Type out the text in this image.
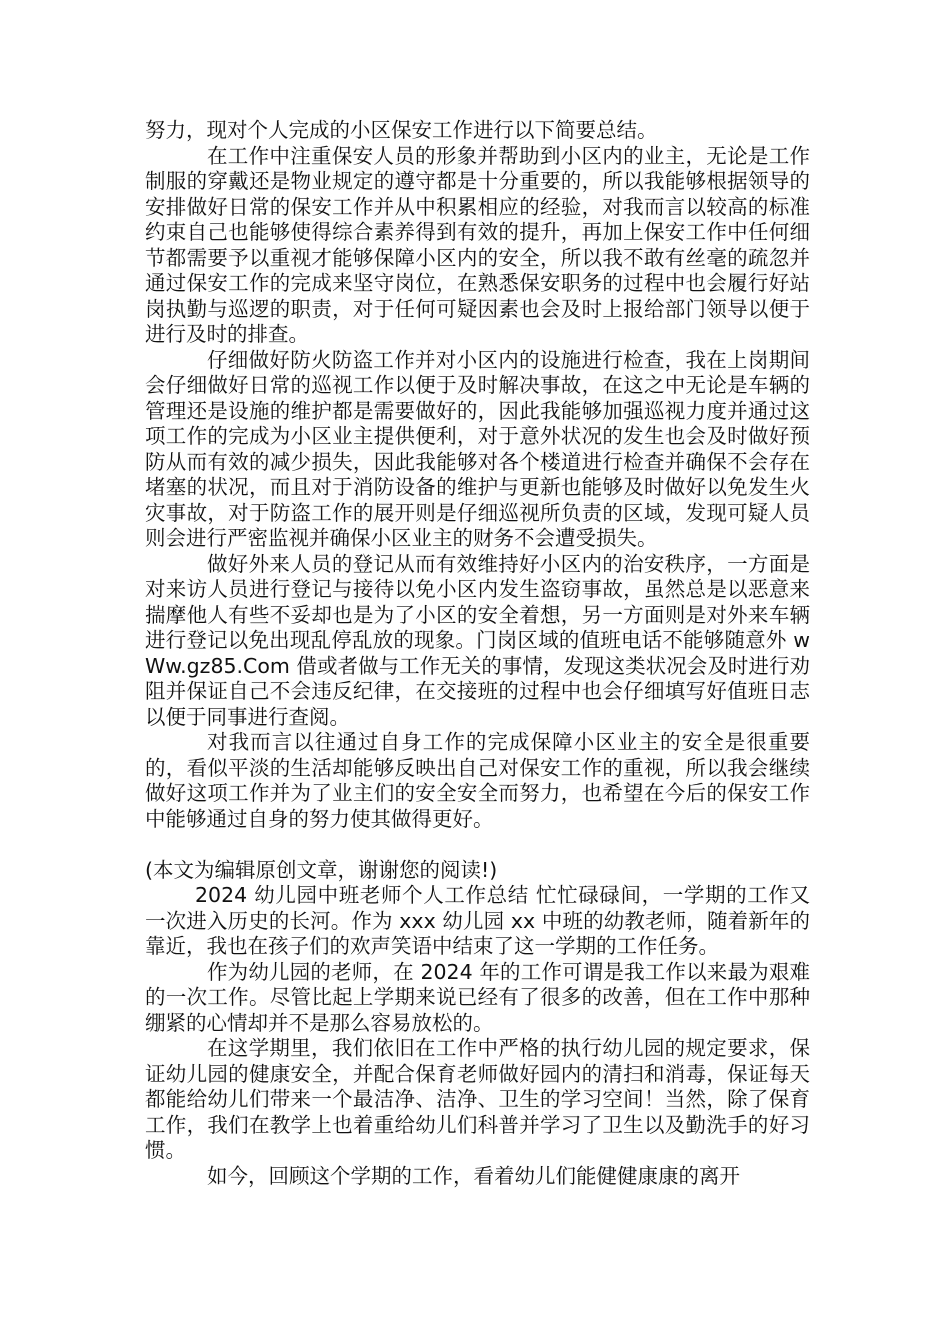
努力，现对个人完成的小区保安工作进行以下简要总结。

在工作中注重保安人员的形象并帮助到小区内的业主，无论是工作制服的穿戴还是物业规定的遵守都是十分重要的，所以我能够根据领导的安排做好日常的保安工作并从中积累相应的经验，对我而言以较高的标准约束自己也能够使得综合素养得到有效的提升，再加上保安工作中任何细节都需要予以重视才能够保障小区内的安全，所以我不敢有丝毫的疏忽并通过保安工作的完成来坚守岗位，在熟悉保安职务的过程中也会履行好站岗执勤与巡逻的职责，对于任何可疑因素也会及时上报给部门领导以便于进行及时的排查。

仔细做好防火防盗工作并对小区内的设施进行检查，我在上岗期间会仔细做好日常的巡视工作以便于及时解决事故，在这之中无论是车辆的管理还是设施的维护都是需要做好的，因此我能够加强巡视力度并通过这项工作的完成为小区业主提供便利，对于意外状况的发生也会及时做好预防从而有效的减少损失，因此我能够对各个楼道进行检查并确保不会存在堵塞的状况，而且对于消防设备的维护与更新也能够及时做好以免发生火灾事故，对于防盗工作的展开则是仔细巡视所负责的区域，发现可疑人员则会进行严密监视并确保小区业主的财务不会遭受损失。

做好外来人员的登记从而有效维持好小区内的治安秩序，一方面是对来访人员进行登记与接待以免小区内发生盗窃事故，虽然总是以恶意来揣摩他人有些不妥却也是为了小区的安全着想，另一方面则是对外来车辆进行登记以免出现乱停乱放的现象。门岗区域的值班电话不能够随意外 wWw.gz85.Com 借或者做与工作无关的事情，发现这类状况会及时进行劝阻并保证自己不会违反纪律，在交接班的过程中也会仔细填写好值班日志以便于同事进行查阅。

对我而言以往通过自身工作的完成保障小区业主的安全是很重要的，看似平淡的生活却能够反映出自己对保安工作的重视，所以我会继续做好这项工作并为了业主们的安全安全而努力，也希望在今后的保安工作中能够通过自身的努力使其做得更好。

(本文为编辑原创文章，谢谢您的阅读!)

2024 幼儿园中班老师个人工作总结 忙忙碌碌间，一学期的工作又一次进入历史的长河。作为 xxx 幼儿园 xx 中班的幼教老师，随着新年的靠近，我也在孩子们的欢声笑语中结束了这一学期的工作任务。

作为幼儿园的老师，在 2024 年的工作可谓是我工作以来最为艰难的一次工作。尽管比起上学期来说已经有了很多的改善，但在工作中那种绷紧的心情却并不是那么容易放松的。

在这学期里，我们依旧在工作中严格的执行幼儿园的规定要求，保证幼儿园的健康安全，并配合保育老师做好园内的清扫和消毒，保证每天都能给幼儿们带来一个最洁净、洁净、卫生的学习空间！当然，除了保育工作，我们在教学上也着重给幼儿们科普并学习了卫生以及勤洗手的好习惯。

如今，回顾这个学期的工作，看着幼儿们能健健康康的离开
